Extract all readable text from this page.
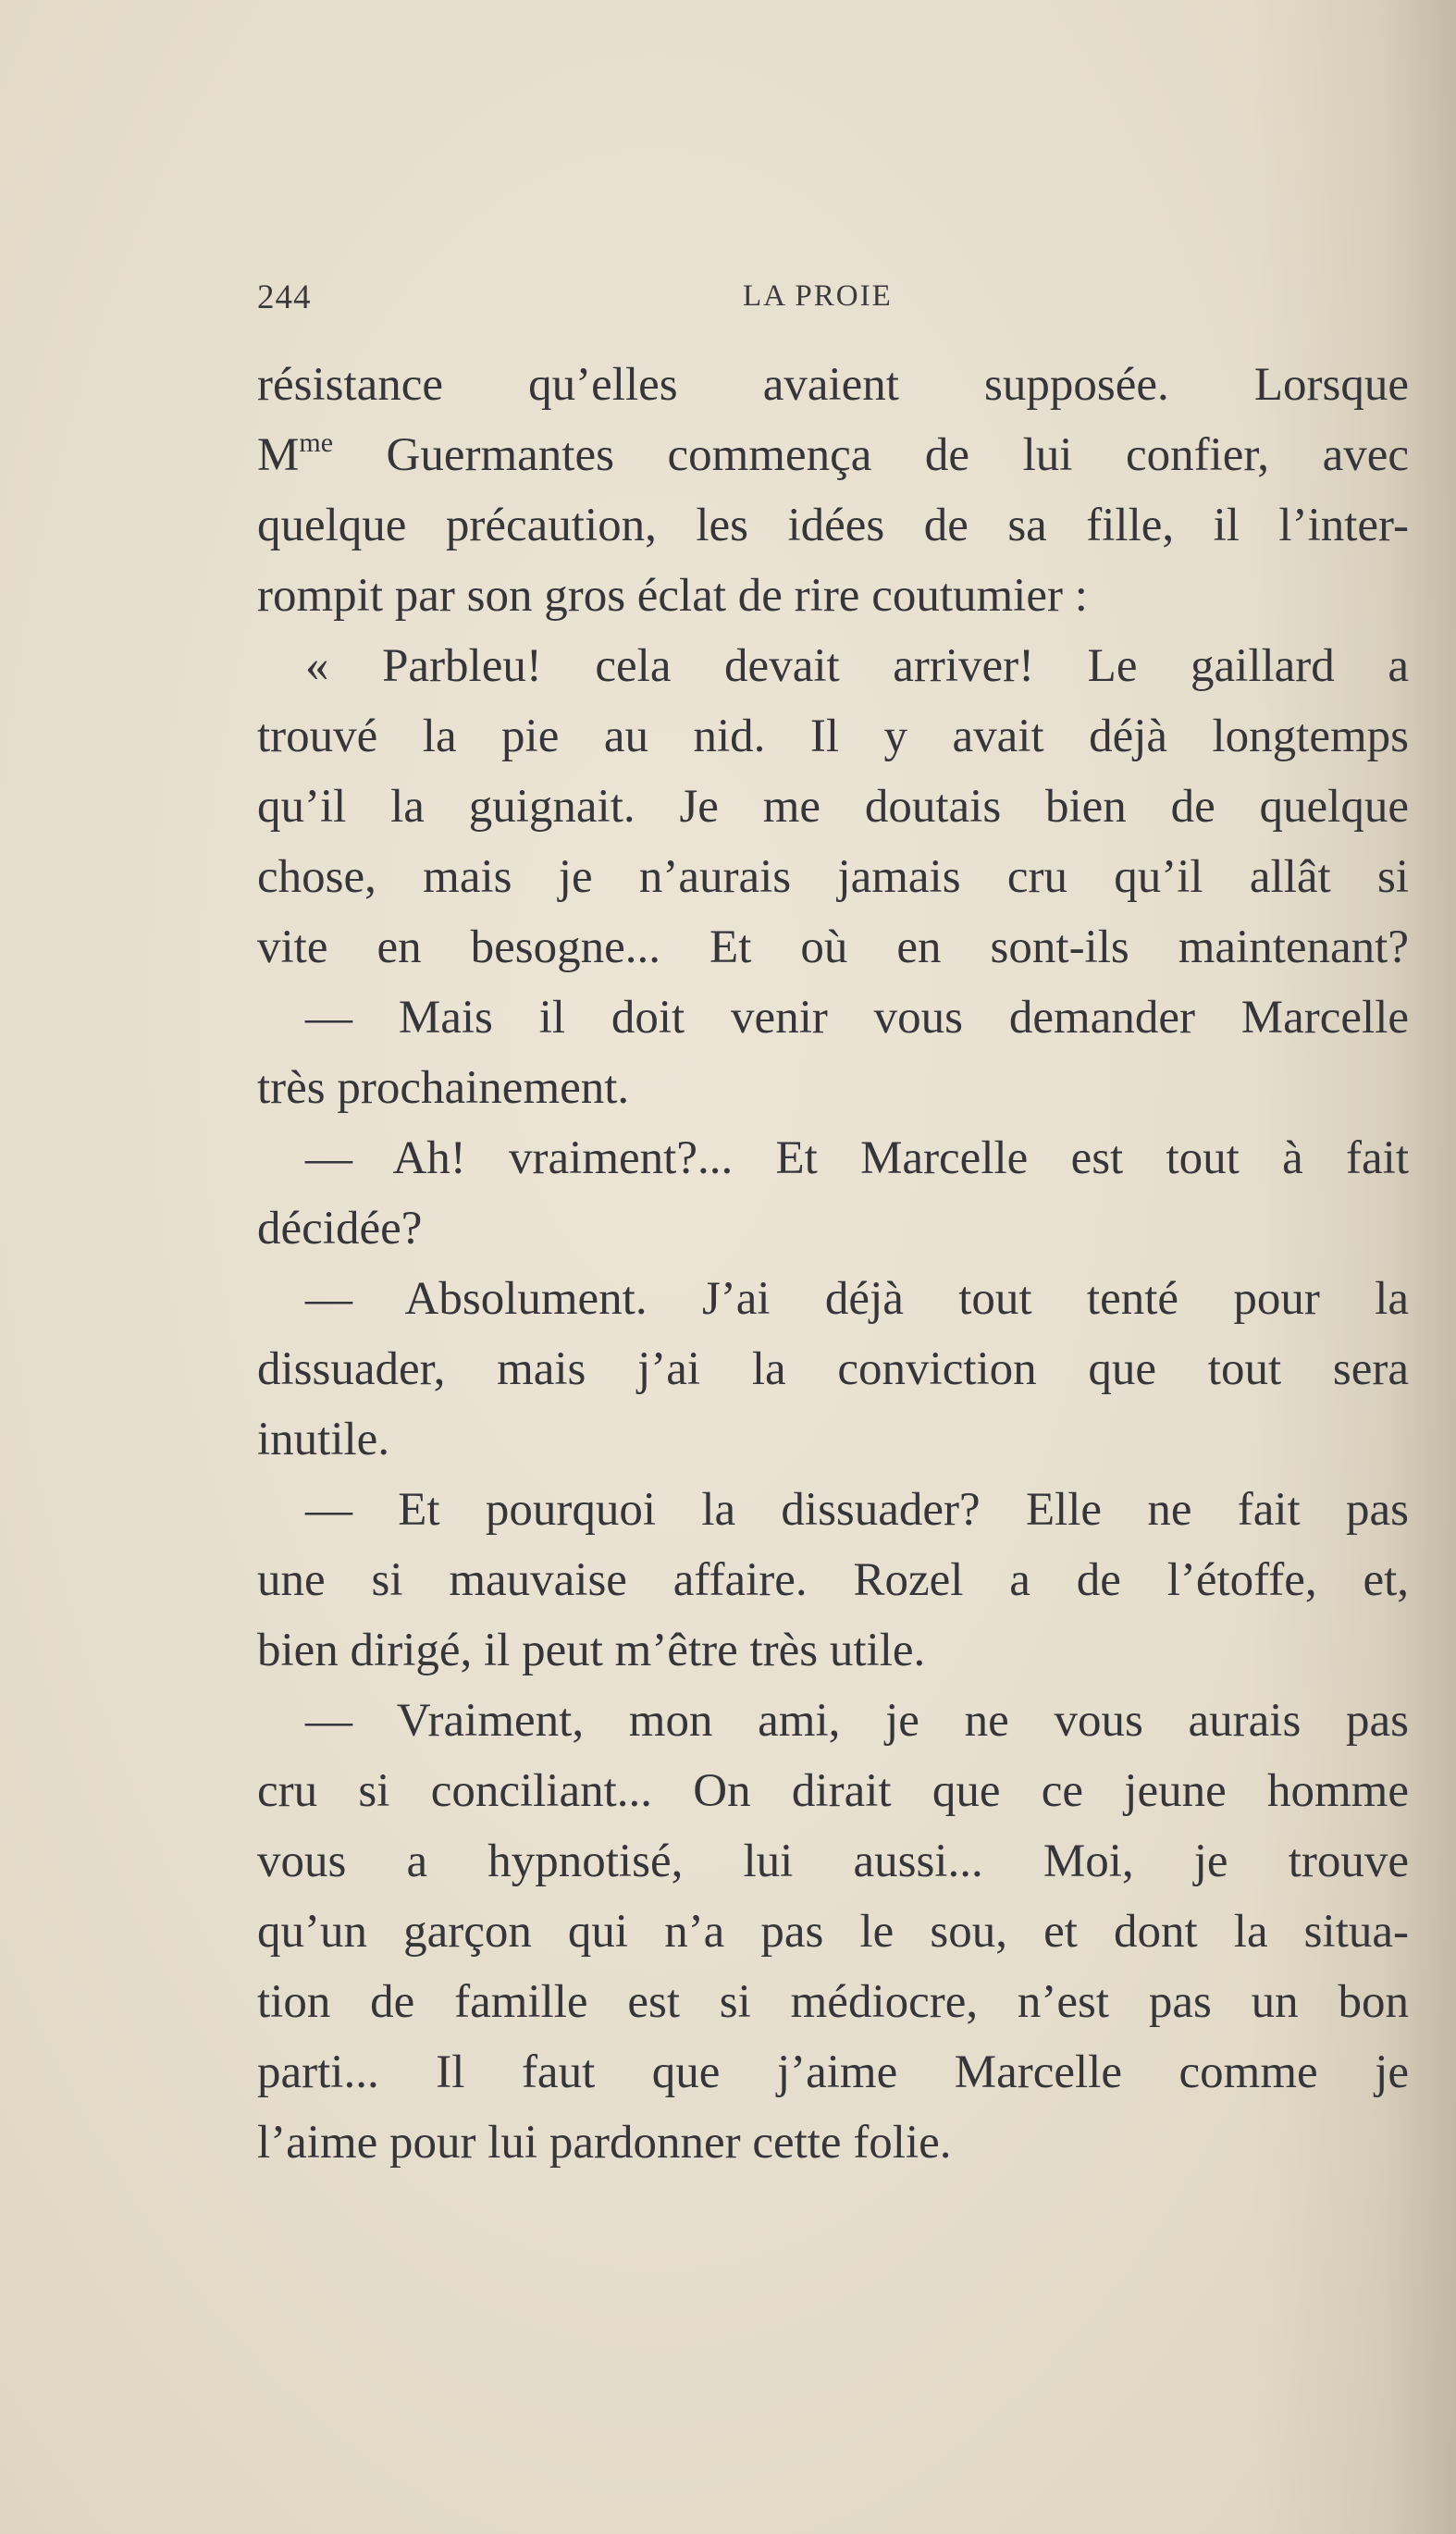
244	LA PROIE
résistance qu’elles avaient supposée. Lorsque
$M^{me}$ Guermantes commença de lui confier, avec
quelque précaution, les idées de sa fille, il l’inter-
rompit par son gros éclat de rire coutumier :
« Parbleu! cela devait arriver! Le gaillard a
trouvé la pie au nid. Il y avait déjà longtemps
qu’il la guignait. Je me doutais bien de quelque
chose, mais je n’aurais jamais cru qu’il allât si
vite en besogne... Et où en sont-ils maintenant?
— Mais il doit venir vous demander Marcelle
très prochainement.
— Ah! vraiment?... Et Marcelle est tout à fait
décidée?
— Absolument. J’ai déjà tout tenté pour la
dissuader, mais j’ai la conviction que tout sera
inutile.
— Et pourquoi la dissuader? Elle ne fait pas
une si mauvaise affaire. Rozel a de l’étoffe, et,
bien dirigé, il peut m’être très utile.
— Vraiment, mon ami, je ne vous aurais pas
cru si conciliant... On dirait que ce jeune homme
vous a hypnotisé, lui aussi... Moi, je trouve
qu’un garçon qui n’a pas le sou, et dont la situa-
tion de famille est si médiocre, n’est pas un bon
parti... Il faut que j’aime Marcelle comme je
l’aime pour lui pardonner cette folie.
